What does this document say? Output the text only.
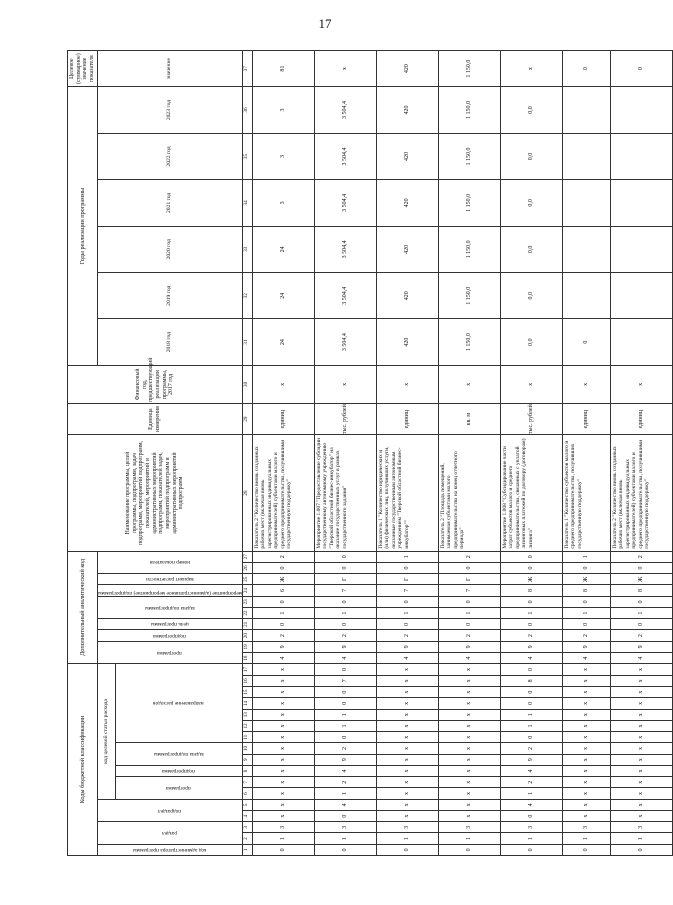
17
Коды бюджетной классификации																	Дополнительный аналитический код										Наименование программы, целей программы, подпрограмм, задач подпрограмм, мероприятий подпрограмм, показателей, мероприятий и административных мероприятий подпрограмм, показателей задач, мероприятий подпрограмм и административных мероприятий подпрограмм	Единица измерения	Финансовый год, предшествующий реализации программы, 2017 год	Годы реализации программы						Целевое (суммарное) значение показателя

код администратора программы	раздел		подраздел		код целевой статьи расхода												программа		подпрограмма	цель программы	задача подпрограммы		мероприятие (административное мероприятие) подпрограммы	вариант расчетности	номер показателя					2018 год	2019 год	2020 год	2021 год	2022 год	2023 год	значение

					программа		подпрограмма	задача подпрограммы		направление расходов																										

1	2	3	4	5	6	7	8	9	10	11	12	13	14	15	16	17	18	19	20	21	22	23	24	25	26	27	28	29	30	31	32	33	34	35	36	37
0	1	3	х	х	х	х	х	х	х	х	х	х	х	х	х	х	4	9	2	0	1	0	6	Ж	0	2	Показатель 2 "Количество вновь созданных рабочих мест (включая вновь зарегистрированных индивидуальных предпринимателей) субъектами малого и среднего предпринимательства, получившими государственную поддержку"	единиц	х	24	24	24	3	3	3	81
0	1	3	0	4	1	2	4	9	2	0	1	1	0	0	7	0	4	9	2	0	1	0	7	Г	0	0	Мероприятие 1.007 "Предоставление субсидии государственному автономному учреждению "Тверской областной бизнес-инкубатор" на оказание государственных услуг в рамках государственного задания"	тыс. рублей	х	3 504,4	3 504,4	3 504,4	3 504,4	3 504,4	3 504,4	х
0	1	3	х	х	х	х	х	х	х	х	х	х	х	х	х	х	4	9	2	0	1	0	7	Г	0	1	Показатель 1 "Количество юридических и (или) физических лиц, получивших услуги, оказанные государственным автономным учреждением "Тверской областной бизнес-инкубатор""	единиц	х	420	420	420	420	420	420	420
0	1	3	х	х	х	х	х	х	х	х	х	х	х	х	х	х	4	9	2	0	1	0	7	Г	0	2	Показатель 2 "Площадь помещений, занимаемая субъектами малого предпринимательства на конец отчетного периода"	кв. м	х	1 150,0	1 150,0	1 150,0	1 150,0	1 150,0	1 150,0	1 150,0
0	1	3	0	4	1	2	4	9	2	0	1	1	0	0	8	0	4	9	2	0	1	0	8	Ж	0	0	Мероприятие 1.008 "Субсидирование части затрат субъектов малого и среднего предпринимательства, связанных с уплатой лизинговых платежей по договору (договорам) лизинга"	тыс. рублей	х	0,0	0,0	0,0	0,0	0,0	0,0	х
0	1	3	х	х	х	х	х	х	х	х	х	х	х	х	х	х	4	9	2	0	1	0	8	Ж	0	1	Показатель 1 "Количество субъектов малого и среднего предпринимательства, получивших государственную поддержку"	единиц	х	0						0
0	1	3	х	х	х	х	х	х	х	х	х	х	х	х	х	х	4	9	2	0	1	0	8	Ж	0	2	Показатель 2 "Количество вновь созданных рабочих мест (включая вновь зарегистрированных индивидуальных предпринимателей) субъектами малого и среднего предпринимательства, получившими государственную поддержку"	единиц	х							0
